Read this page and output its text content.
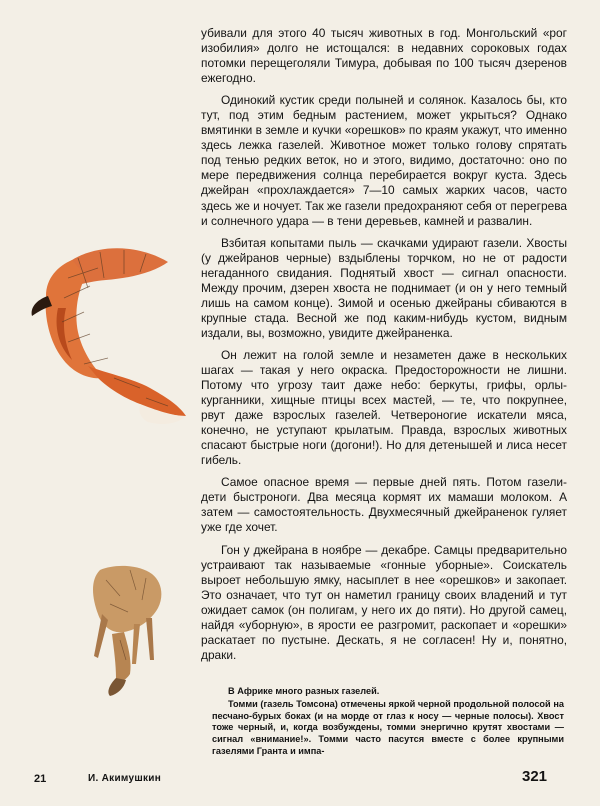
убивали для этого 40 тысяч животных в год. Монгольский «рог изобилия» долго не истощался: в недавних сороковых годах потомки перещеголяли Тимура, добывая по 100 тысяч дзеренов ежегодно.

Одинокий кустик среди полыней и солянок. Казалось бы, кто тут, под этим бедным растением, может укрыться? Однако вмятинки в земле и кучки «орешков» по краям укажут, что именно здесь лежка газелей. Животное может только голову спрятать под тенью редких веток, но и этого, видимо, достаточно: оно по мере передвижения солнца перебирается вокруг куста. Здесь джейран «прохлаждается» 7—10 самых жарких часов, часто здесь же и ночует. Так же газели предохраняют себя от перегрева и солнечного удара — в тени деревьев, камней и развалин.

Взбитая копытами пыль — скачками удирают газели. Хвосты (у джейранов черные) вздыблены торчком, но не от радости негаданного свидания. Поднятый хвост — сигнал опасности. Между прочим, дзерен хвоста не поднимает (и он у него темный лишь на самом конце). Зимой и осенью джейраны сбиваются в крупные стада. Весной же под каким-нибудь кустом, видным издали, вы, возможно, увидите джейраненка.

Он лежит на голой земле и незаметен даже в нескольких шагах — такая у него окраска. Предосторожности не лишни. Потому что угрозу таит даже небо: беркуты, грифы, орлы-курганники, хищные птицы всех мастей, — те, что покрупнее, рвут даже взрослых газелей. Четвероногие искатели мяса, конечно, не уступают крылатым. Правда, взрослых животных спасают быстрые ноги (догони!). Но для детенышей и лиса несет гибель.

Самое опасное время — первые дней пять. Потом газели-дети быстроноги. Два месяца кормят их мамаши молоком. А затем — самостоятельность. Двухмесячный джейраненок гуляет уже где хочет.

Гон у джейрана в ноябре — декабре. Самцы предварительно устраивают так называемые «гонные уборные». Соискатель выроет небольшую ямку, насыплет в нее «орешков» и закопает. Это означает, что тут он наметил границу своих владений и тут ожидает самок (он полигам, у него их до пяти). Но другой самец, найдя «уборную», в ярости ее разгромит, раскопает и «орешки» раскатает по пустыне. Дескать, я не согласен! Ну и, понятно, драки.

В Африке много разных газелей.

Томми (газель Томсона) отмечены яркой черной продольной полосой на песчано-бурых боках (и на морде от глаз к носу — черные полосы). Хвост тоже черный, и, когда возбуждены, томми энергично крутят хвостами — сигнал «внимание!». Томми часто пасутся вместе с более крупными газелями Гранта и импа-

21	И. Акимушкин	321
